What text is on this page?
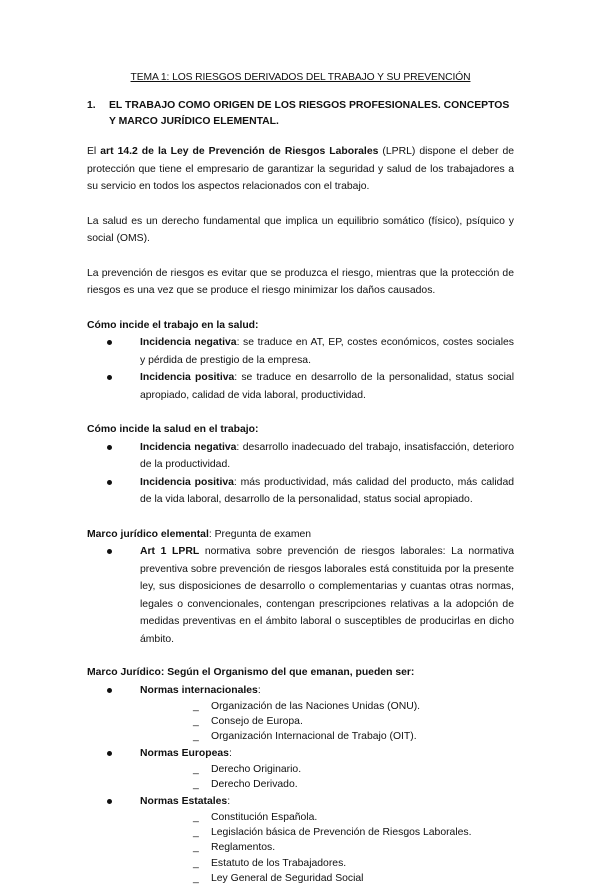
TEMA 1: LOS RIESGOS DERIVADOS DEL TRABAJO Y SU PREVENCIÓN
1.	EL TRABAJO COMO ORIGEN DE LOS RIESGOS PROFESIONALES. CONCEPTOS Y MARCO JURÍDICO ELEMENTAL.

El art 14.2 de la Ley de Prevención de Riesgos Laborales (LPRL) dispone el deber de protección que tiene el empresario de garantizar la seguridad y salud de los trabajadores a su servicio en todos los aspectos relacionados con el trabajo.

La salud es un derecho fundamental que implica un equilibrio somático (físico), psíquico y social (OMS).

La prevención de riesgos es evitar que se produzca el riesgo, mientras que la protección de riesgos es una vez que se produce el riesgo minimizar los daños causados.

Cómo incide el trabajo en la salud:
Incidencia negativa: se traduce en AT, EP, costes económicos, costes sociales y pérdida de prestigio de la empresa.
Incidencia positiva: se traduce en desarrollo de la personalidad, status social apropiado, calidad de vida laboral, productividad.
Cómo incide la salud en el trabajo:
Incidencia negativa: desarrollo inadecuado del trabajo, insatisfacción, deterioro de la productividad.
Incidencia positiva: más productividad, más calidad del producto, más calidad de la vida laboral, desarrollo de la personalidad, status social apropiado.
Marco jurídico elemental: Pregunta de examen
Art 1 LPRL normativa sobre prevención de riesgos laborales: La normativa preventiva sobre prevención de riesgos laborales está constituida por la presente ley, sus disposiciones de desarrollo o complementarias y cuantas otras normas, legales o convencionales, contengan prescripciones relativas a la adopción de medidas preventivas en el ámbito laboral o susceptibles de producirlas en dicho ámbito.
Marco Jurídico: Según el Organismo del que emanan, pueden ser:
Normas internacionales:
_ Organización de las Naciones Unidas (ONU).
_ Consejo de Europa.
_ Organización Internacional de Trabajo (OIT).
Normas Europeas:
_ Derecho Originario.
_ Derecho Derivado.
Normas Estatales:
_ Constitución Española.
_ Legislación básica de Prevención de Riesgos Laborales.
_ Reglamentos.
_ Estatuto de los Trabajadores.
_ Ley General de Seguridad Social
